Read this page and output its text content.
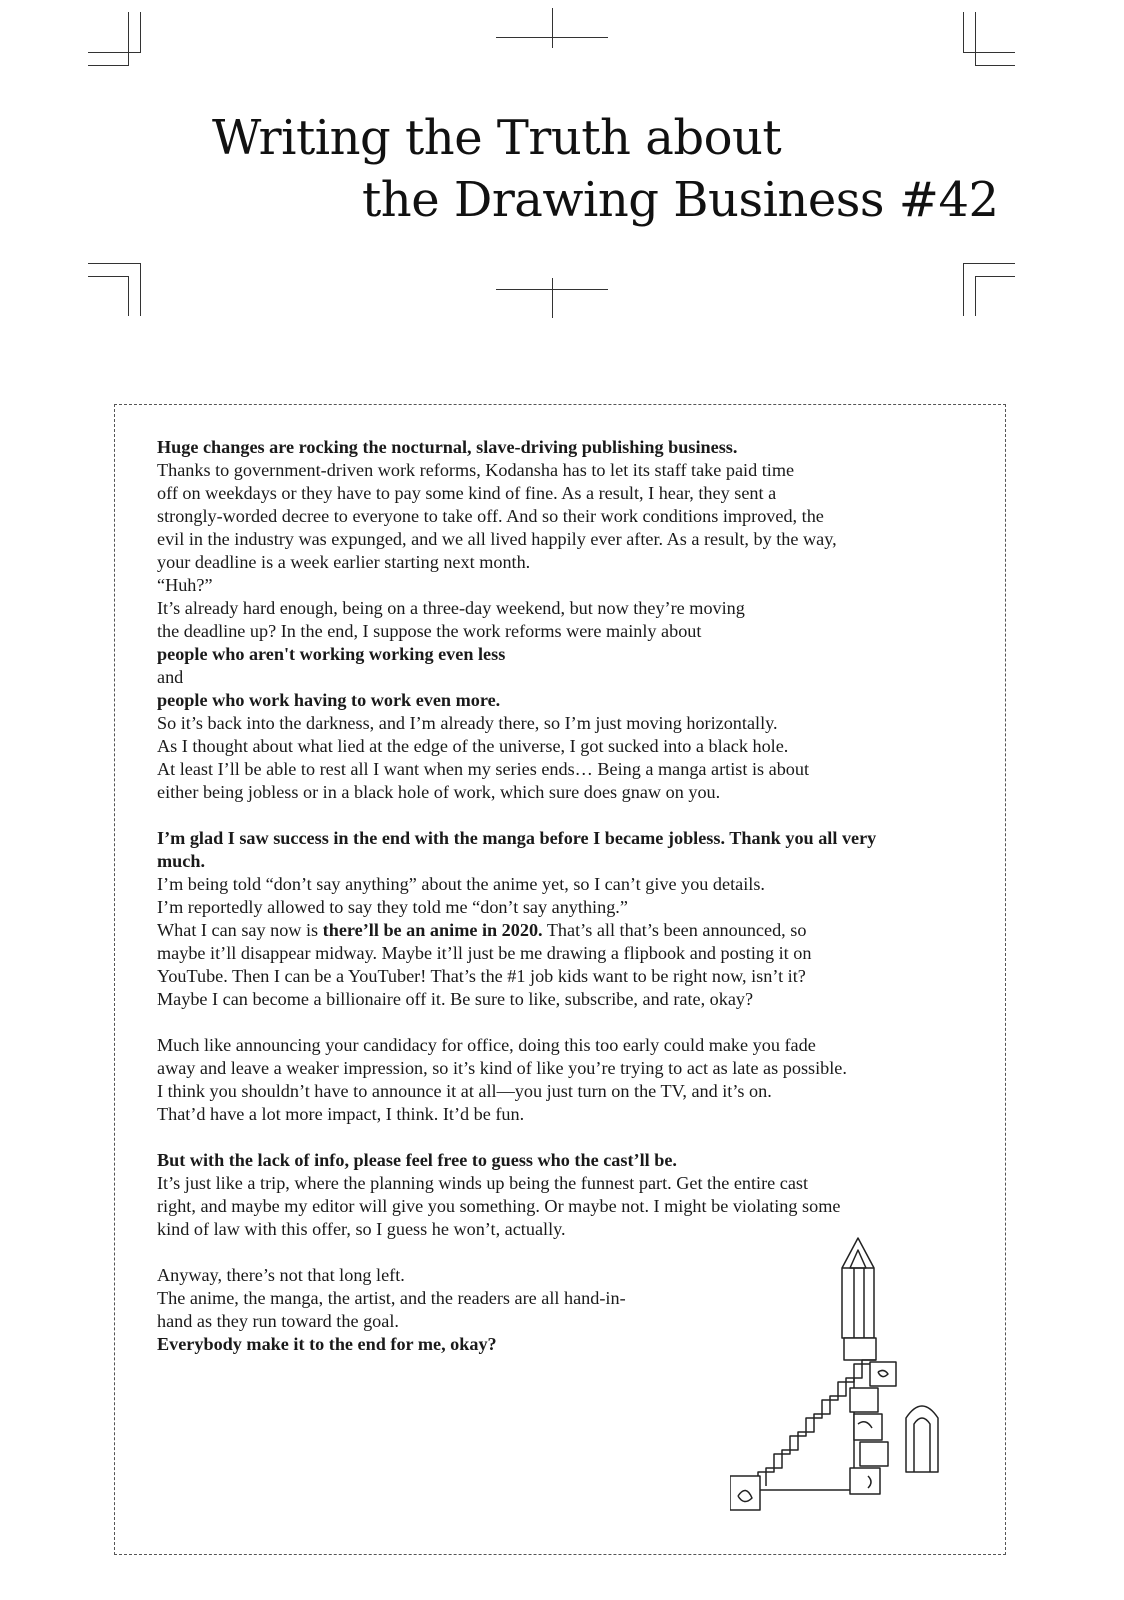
Writing the Truth about
the Drawing Business #42

Huge changes are rocking the nocturnal, slave-driving publishing business.

Thanks to government-driven work reforms, Kodansha has to let its staff take paid time

off on weekdays or they have to pay some kind of fine. As a result, I hear, they sent a

strongly-worded decree to everyone to take off. And so their work conditions improved, the

evil in the industry was expunged, and we all lived happily ever after. As a result, by the way,

your deadline is a week earlier starting next month.

“Huh?”

It’s already hard enough, being on a three-day weekend, but now they’re moving

the deadline up? In the end, I suppose the work reforms were mainly about

people who aren't working working even less

and

people who work having to work even more.

So it’s back into the darkness, and I’m already there, so I’m just moving horizontally.

As I thought about what lied at the edge of the universe, I got sucked into a black hole.

At least I’ll be able to rest all I want when my series ends… Being a manga artist is about

either being jobless or in a black hole of work, which sure does gnaw on you.

I’m glad I saw success in the end with the manga before I became jobless. Thank you all very much.

I’m being told “don’t say anything” about the anime yet, so I can’t give you details.

I’m reportedly allowed to say they told me “don’t say anything.”

What I can say now is there’ll be an anime in 2020. That’s all that’s been announced, so

maybe it’ll disappear midway. Maybe it’ll just be me drawing a flipbook and posting it on

YouTube. Then I can be a YouTuber! That’s the #1 job kids want to be right now, isn’t it?

Maybe I can become a billionaire off it. Be sure to like, subscribe, and rate, okay?

Much like announcing your candidacy for office, doing this too early could make you fade

away and leave a weaker impression, so it’s kind of like you’re trying to act as late as possible.

I think you shouldn’t have to announce it at all—you just turn on the TV, and it’s on.

That’d have a lot more impact, I think. It’d be fun.

But with the lack of info, please feel free to guess who the cast’ll be.

It’s just like a trip, where the planning winds up being the funnest part. Get the entire cast

right, and maybe my editor will give you something. Or maybe not. I might be violating some

kind of law with this offer, so I guess he won’t, actually.

Anyway, there’s not that long left.

The anime, the manga, the artist, and the readers are all hand-in-

hand as they run toward the goal.

Everybody make it to the end for me, okay?
